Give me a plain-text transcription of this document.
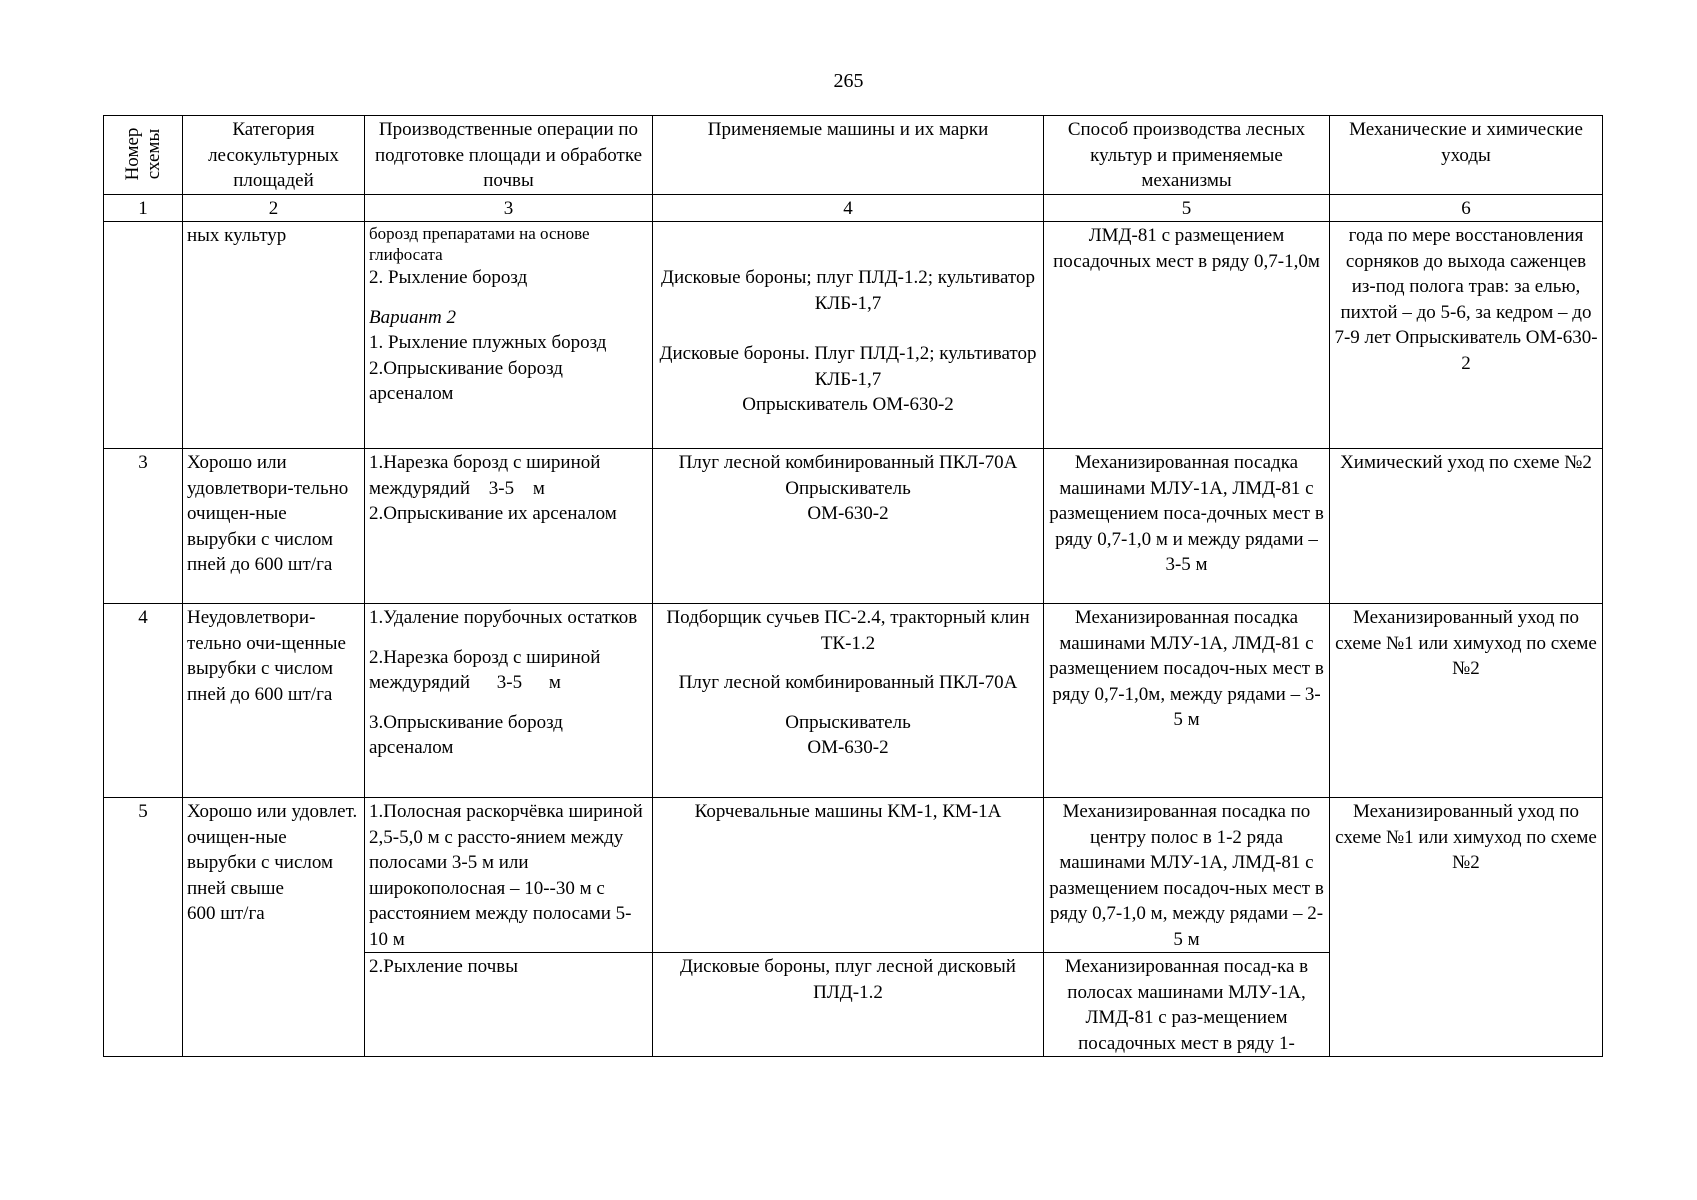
265
Номер схемы	Категория лесокультурных площадей	Производственные операции по подготовке площади и обработке почвы	Применяемые машины и их марки	Способ производства лесных культур и применяемые механизмы	Механические и химические уходы
1	2	3	4	5	6
	ных культур	борозд препаратами на основе глифосата
2. Рыхление борозд
Вариант 2
1. Рыхление плужных борозд
2.Опрыскивание борозд арсеналом	Дисковые бороны; плуг ПЛД-1.2; культиватор КЛБ-1,7
Дисковые бороны. Плуг ПЛД-1,2; культиватор КЛБ-1,7
Опрыскиватель ОМ-630-2	ЛМД-81 с размещением посадочных мест в ряду 0,7-1,0м	года по мере восстановления сорняков до выхода саженцев из-под полога трав: за елью, пихтой – до 5-6, за кедром – до 7-9 лет Опрыскиватель ОМ-630-2
3	Хорошо или удовлетвори-тельно очищен-ные вырубки с числом пней до 600 шт/га	1.Нарезка борозд с шириной
междурядий 3-5 м
2.Опрыскивание их арсеналом	Плуг лесной комбинированный ПКЛ-70А
Опрыскиватель
ОМ-630-2	Механизированная посадка машинами МЛУ-1А, ЛМД-81 с размещением поса-дочных мест в ряду 0,7-1,0 м и между рядами – 3-5 м	Химический уход по схеме №2
4	Неудовлетвори-тельно очи-щенные вырубки с числом пней до 600 шт/га	1.Удаление порубочных остатков
2.Нарезка борозд с шириной
междурядий 3-5 м
3.Опрыскивание борозд арсеналом	Подборщик сучьев ПС-2.4, тракторный клин ТК-1.2
Плуг лесной комбинированный ПКЛ-70А
Опрыскиватель
ОМ-630-2	Механизированная посадка машинами МЛУ-1А, ЛМД-81 с размещением посадоч-ных мест в ряду 0,7-1,0м, между рядами – 3-5 м	Механизированный уход по схеме №1 или химуход по схеме №2
5	Хорошо или удовлет. очищен-ные вырубки с числом пней свыше
600 шт/га	1.Полосная раскорчёвка шириной 2,5-5,0 м с рассто-янием между полосами 3-5 м или широкополосная – 10--30 м с расстоянием между полосами 5-10 м	Корчевальные машины КМ-1, КМ-1А	Механизированная посадка по центру полос в 1-2 ряда машинами МЛУ-1А, ЛМД-81 с размещением посадоч-ных мест в ряду 0,7-1,0 м, между рядами – 2-5 м	Механизированный уход по схеме №1 или химуход по схеме №2
		2.Рыхление почвы	Дисковые бороны, плуг лесной дисковый ПЛД-1.2	Механизированная посад-ка в полосах машинами МЛУ-1А, ЛМД-81 с раз-мещением посадочных мест в ряду 1-	
